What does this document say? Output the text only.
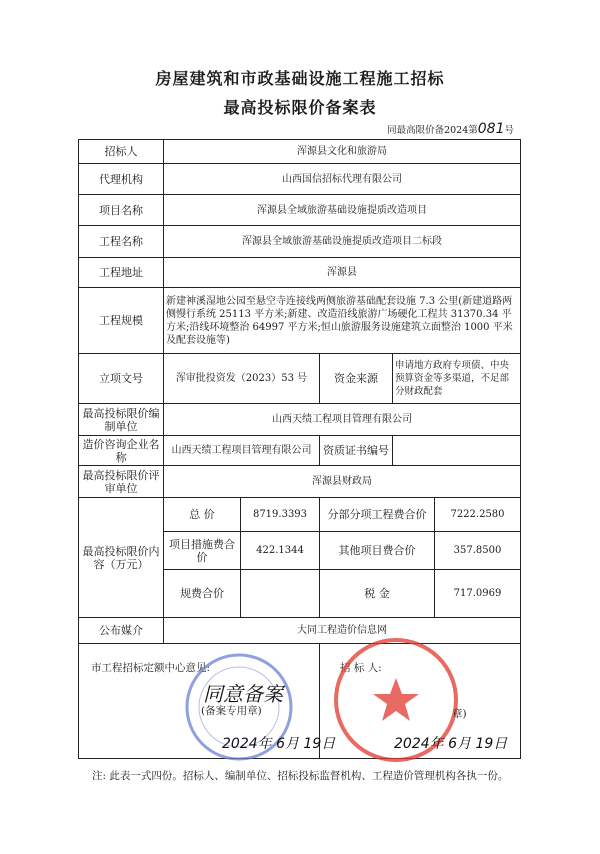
房屋建筑和市政基础设施工程施工招标
最高投标限价备案表
同最高限价备2024第081号
招标人	浑源县文化和旅游局				
代理机构	山西国信招标代理有限公司				
项目名称	浑源县全域旅游基础设施提质改造项目				
工程名称	浑源县全域旅游基础设施提质改造项目二标段				
工程地址	浑源县				
工程规模	新建神溪湿地公园至悬空寺连接线两侧旅游基础配套设施 7.3 公里(新建道路两侧慢行系统 25113 平方米;新建、改造沿线旅游广场硬化工程共 31370.34 平方米;沿线环境整治 64997 平方米;恒山旅游服务设施建筑立面整治 1000 平米及配套设施等)				
立项文号	浑审批投资发（2023）53 号		资金来源	申请地方政府专项债、中央预算资金等多渠道，不足部分财政配套	
最高投标限价编制单位	山西天绩工程项目管理有限公司				
造价咨询企业名称	山西天绩工程项目管理有限公司		资质证书编号		
最高投标限价评审单位	浑源县财政局				
最高投标限价内容（万元）	总 价	8719.3393	分部分项工程费合价		7222.2580
	项目措施费合价	422.1344	其他项目费合价		357.8500
	规费合价		税 金		717.0969
公布媒介	大同工程造价信息网				

市工程招标定额中心意见:	招 标 人:
同意备案
(备案专用章)
2024年 6月 19日
章)
2024年 6月 19日
注: 此表一式四份。招标人、编制单位、招标投标监督机构、工程造价管理机构各执一份。
